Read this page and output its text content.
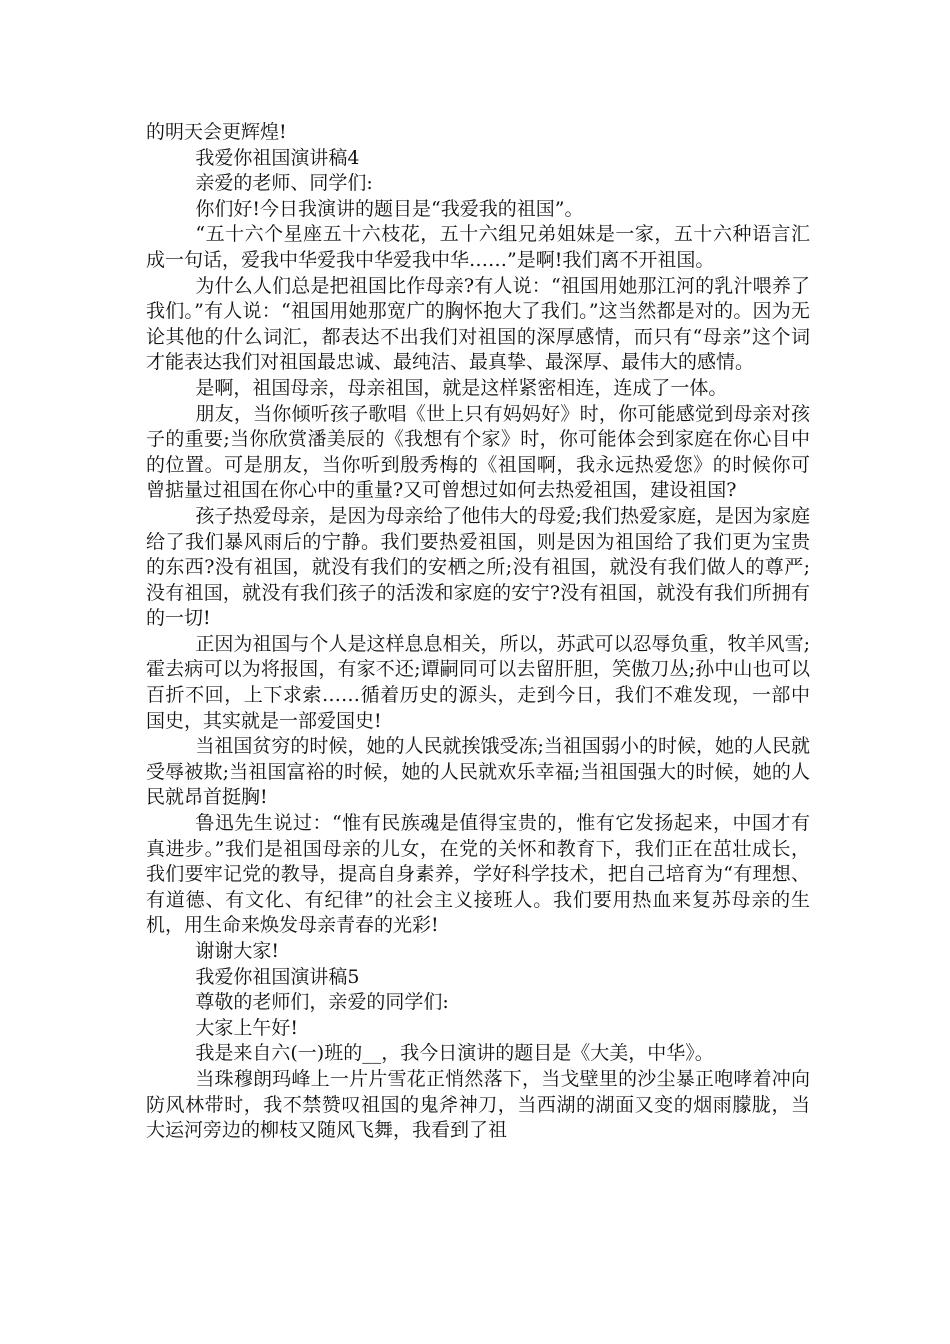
的明天会更辉煌!

我爱你祖国演讲稿4

亲爱的老师、同学们:

你们好!今日我演讲的题目是“我爱我的祖国”。

“五十六个星座五十六枝花，五十六组兄弟姐妹是一家，五十六种语言汇成一句话，爱我中华爱我中华爱我中华……”是啊!我们离不开祖国。

为什么人们总是把祖国比作母亲?有人说：“祖国用她那江河的乳汁喂养了我们。”有人说：“祖国用她那宽广的胸怀抱大了我们。”这当然都是对的。因为无论其他的什么词汇，都表达不出我们对祖国的深厚感情，而只有“母亲”这个词才能表达我们对祖国最忠诚、最纯洁、最真挚、最深厚、最伟大的感情。

是啊，祖国母亲，母亲祖国，就是这样紧密相连，连成了一体。

朋友，当你倾听孩子歌唱《世上只有妈妈好》时，你可能感觉到母亲对孩子的重要;当你欣赏潘美辰的《我想有个家》时，你可能体会到家庭在你心目中的位置。可是朋友，当你听到殷秀梅的《祖国啊，我永远热爱您》的时候你可曾掂量过祖国在你心中的重量?又可曾想过如何去热爱祖国，建设祖国?

孩子热爱母亲，是因为母亲给了他伟大的母爱;我们热爱家庭，是因为家庭给了我们暴风雨后的宁静。我们要热爱祖国，则是因为祖国给了我们更为宝贵的东西?没有祖国，就没有我们的安栖之所;没有祖国，就没有我们做人的尊严;没有祖国，就没有我们孩子的活泼和家庭的安宁?没有祖国，就没有我们所拥有的一切!

正因为祖国与个人是这样息息相关，所以，苏武可以忍辱负重，牧羊风雪;霍去病可以为将报国，有家不还;谭嗣同可以去留肝胆，笑傲刀丛;孙中山也可以百折不回，上下求索……循着历史的源头，走到今日，我们不难发现，一部中国史，其实就是一部爱国史!

当祖国贫穷的时候，她的人民就挨饿受冻;当祖国弱小的时候，她的人民就受辱被欺;当祖国富裕的时候，她的人民就欢乐幸福;当祖国强大的时候，她的人民就昂首挺胸!

鲁迅先生说过：“惟有民族魂是值得宝贵的，惟有它发扬起来，中国才有真进步。”我们是祖国母亲的儿女，在党的关怀和教育下，我们正在茁壮成长，我们要牢记党的教导，提高自身素养，学好科学技术，把自己培育为“有理想、有道德、有文化、有纪律”的社会主义接班人。我们要用热血来复苏母亲的生机，用生命来焕发母亲青春的光彩!

谢谢大家!

我爱你祖国演讲稿5

尊敬的老师们，亲爱的同学们:

大家上午好!

我是来自六(一)班的__，我今日演讲的题目是《大美，中华》。

当珠穆朗玛峰上一片片雪花正悄然落下，当戈壁里的沙尘暴正咆哮着冲向防风林带时，我不禁赞叹祖国的鬼斧神刀，当西湖的湖面又变的烟雨朦胧，当大运河旁边的柳枝又随风飞舞，我看到了祖
